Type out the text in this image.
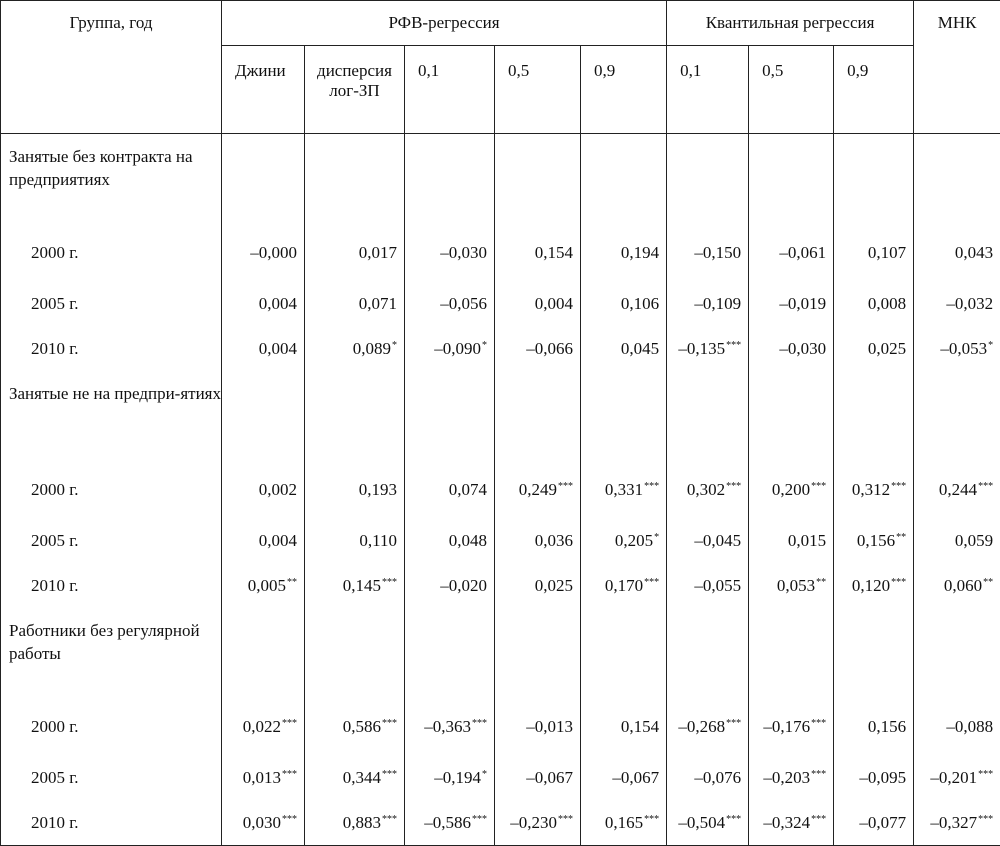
Группа, год	РФВ-регрессия					Квантильная регрессия			МНК
	Джини	дисперсия лог-ЗП	0,1	0,5	0,9	0,1	0,5	0,9	
Занятые без контракта на предприятиях									
2000 г.	–0,000	0,017	–0,030	0,154	0,194	–0,150	–0,061	0,107	0,043
2005 г.	0,004	0,071	–0,056	0,004	0,106	–0,109	–0,019	0,008	–0,032
2010 г.	0,004	0,089*	–0,090*	–0,066	0,045	–0,135***	–0,030	0,025	–0,053*
Занятые не на предпри-ятиях									
2000 г.	0,002	0,193	0,074	0,249***	0,331***	0,302***	0,200***	0,312***	0,244***
2005 г.	0,004	0,110	0,048	0,036	0,205*	–0,045	0,015	0,156**	0,059
2010 г.	0,005**	0,145***	–0,020	0,025	0,170***	–0,055	0,053**	0,120***	0,060**
Работники без регулярной работы									
2000 г.	0,022***	0,586***	–0,363***	–0,013	0,154	–0,268***	–0,176***	0,156	–0,088
2005 г.	0,013***	0,344***	–0,194*	–0,067	–0,067	–0,076	–0,203***	–0,095	–0,201***
2010 г.	0,030***	0,883***	–0,586***	–0,230***	0,165***	–0,504***	–0,324***	–0,077	–0,327***
